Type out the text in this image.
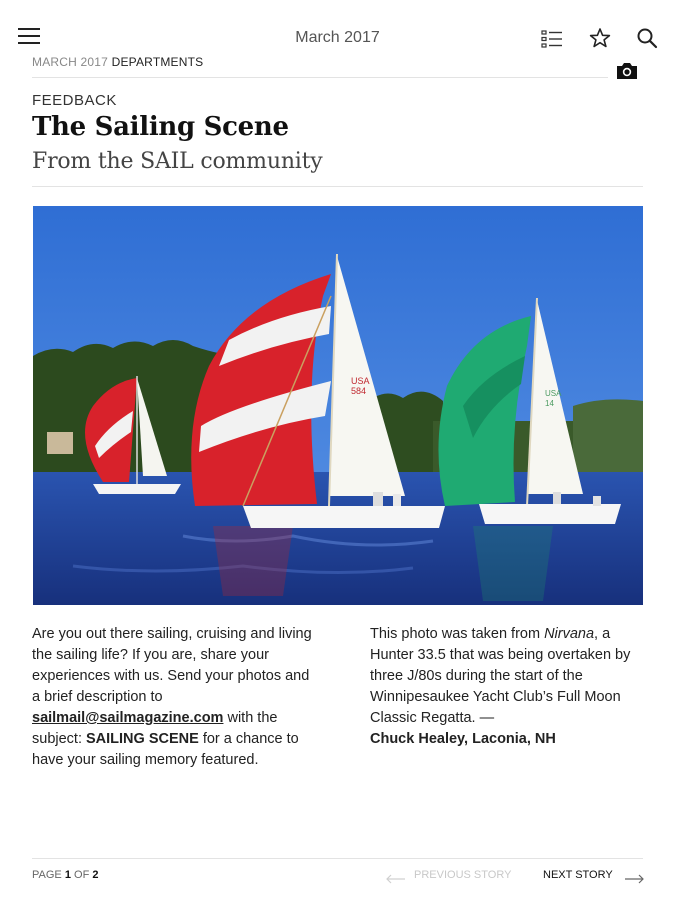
March 2017
MARCH 2017 DEPARTMENTS
FEEDBACK
The Sailing Scene
From the SAIL community
USA
584	USA
14
Are you out there sailing, cruising and living the sailing life? If you are, share your experiences with us. Send your photos and a brief description to sailmail@sailmagazine.com with the subject: SAILING SCENE for a chance to have your sailing memory featured.
This photo was taken from Nirvana, a Hunter 33.5 that was being overtaken by three J/80s during the start of the Winnipesaukee Yacht Club’s Full Moon Classic Regatta. —
Chuck Healey, Laconia, NH
PAGE 1 OF 2	PREVIOUS STORY	NEXT STORY
